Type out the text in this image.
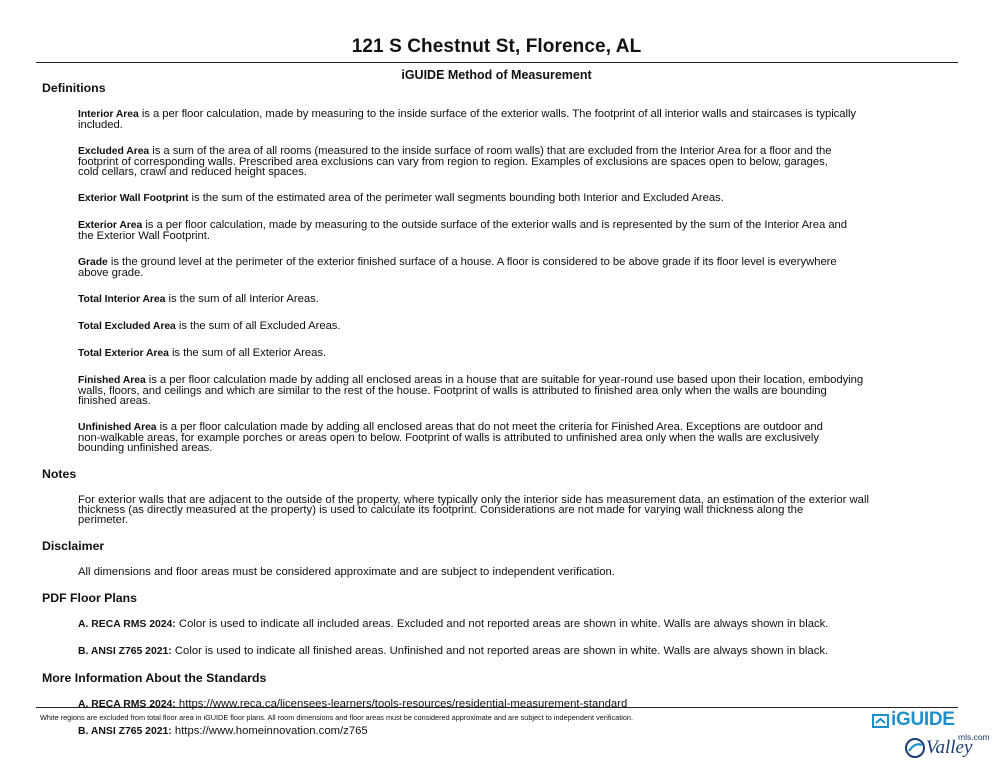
121 S Chestnut St, Florence, AL
iGUIDE Method of Measurement
Definitions
Interior Area is a per floor calculation, made by measuring to the inside surface of the exterior walls. The footprint of all interior walls and staircases is typically
included.
Excluded Area is a sum of the area of all rooms (measured to the inside surface of room walls) that are excluded from the Interior Area for a floor and the
footprint of corresponding walls. Prescribed area exclusions can vary from region to region. Examples of exclusions are spaces open to below, garages,
cold cellars, crawl and reduced height spaces.
Exterior Wall Footprint is the sum of the estimated area of the perimeter wall segments bounding both Interior and Excluded Areas.
Exterior Area is a per floor calculation, made by measuring to the outside surface of the exterior walls and is represented by the sum of the Interior Area and
the Exterior Wall Footprint.
Grade is the ground level at the perimeter of the exterior finished surface of a house. A floor is considered to be above grade if its floor level is everywhere
above grade.
Total Interior Area is the sum of all Interior Areas.
Total Excluded Area is the sum of all Excluded Areas.
Total Exterior Area is the sum of all Exterior Areas.
Finished Area is a per floor calculation made by adding all enclosed areas in a house that are suitable for year-round use based upon their location, embodying
walls, floors, and ceilings and which are similar to the rest of the house. Footprint of walls is attributed to finished area only when the walls are bounding
finished areas.
Unfinished Area is a per floor calculation made by adding all enclosed areas that do not meet the criteria for Finished Area. Exceptions are outdoor and
non-walkable areas, for example porches or areas open to below. Footprint of walls is attributed to unfinished area only when the walls are exclusively
bounding unfinished areas.
Notes
For exterior walls that are adjacent to the outside of the property, where typically only the interior side has measurement data, an estimation of the exterior wall
thickness (as directly measured at the property) is used to calculate its footprint. Considerations are not made for varying wall thickness along the
perimeter.
Disclaimer
All dimensions and floor areas must be considered approximate and are subject to independent verification.
PDF Floor Plans
A. RECA RMS 2024: Color is used to indicate all included areas. Excluded and not reported areas are shown in white. Walls are always shown in black.
B. ANSI Z765 2021: Color is used to indicate all finished areas. Unfinished and not reported areas are shown in white. Walls are always shown in black.
More Information About the Standards
A. RECA RMS 2024: https://www.reca.ca/licensees-learners/tools-resources/residential-measurement-standard
B. ANSI Z765 2021: https://www.homeinnovation.com/z765
White regions are excluded from total floor area in iGUIDE floor plans. All room dimensions and floor areas must be considered approximate and are subject to independent verification.	iGUIDE
Valley
mls.com
